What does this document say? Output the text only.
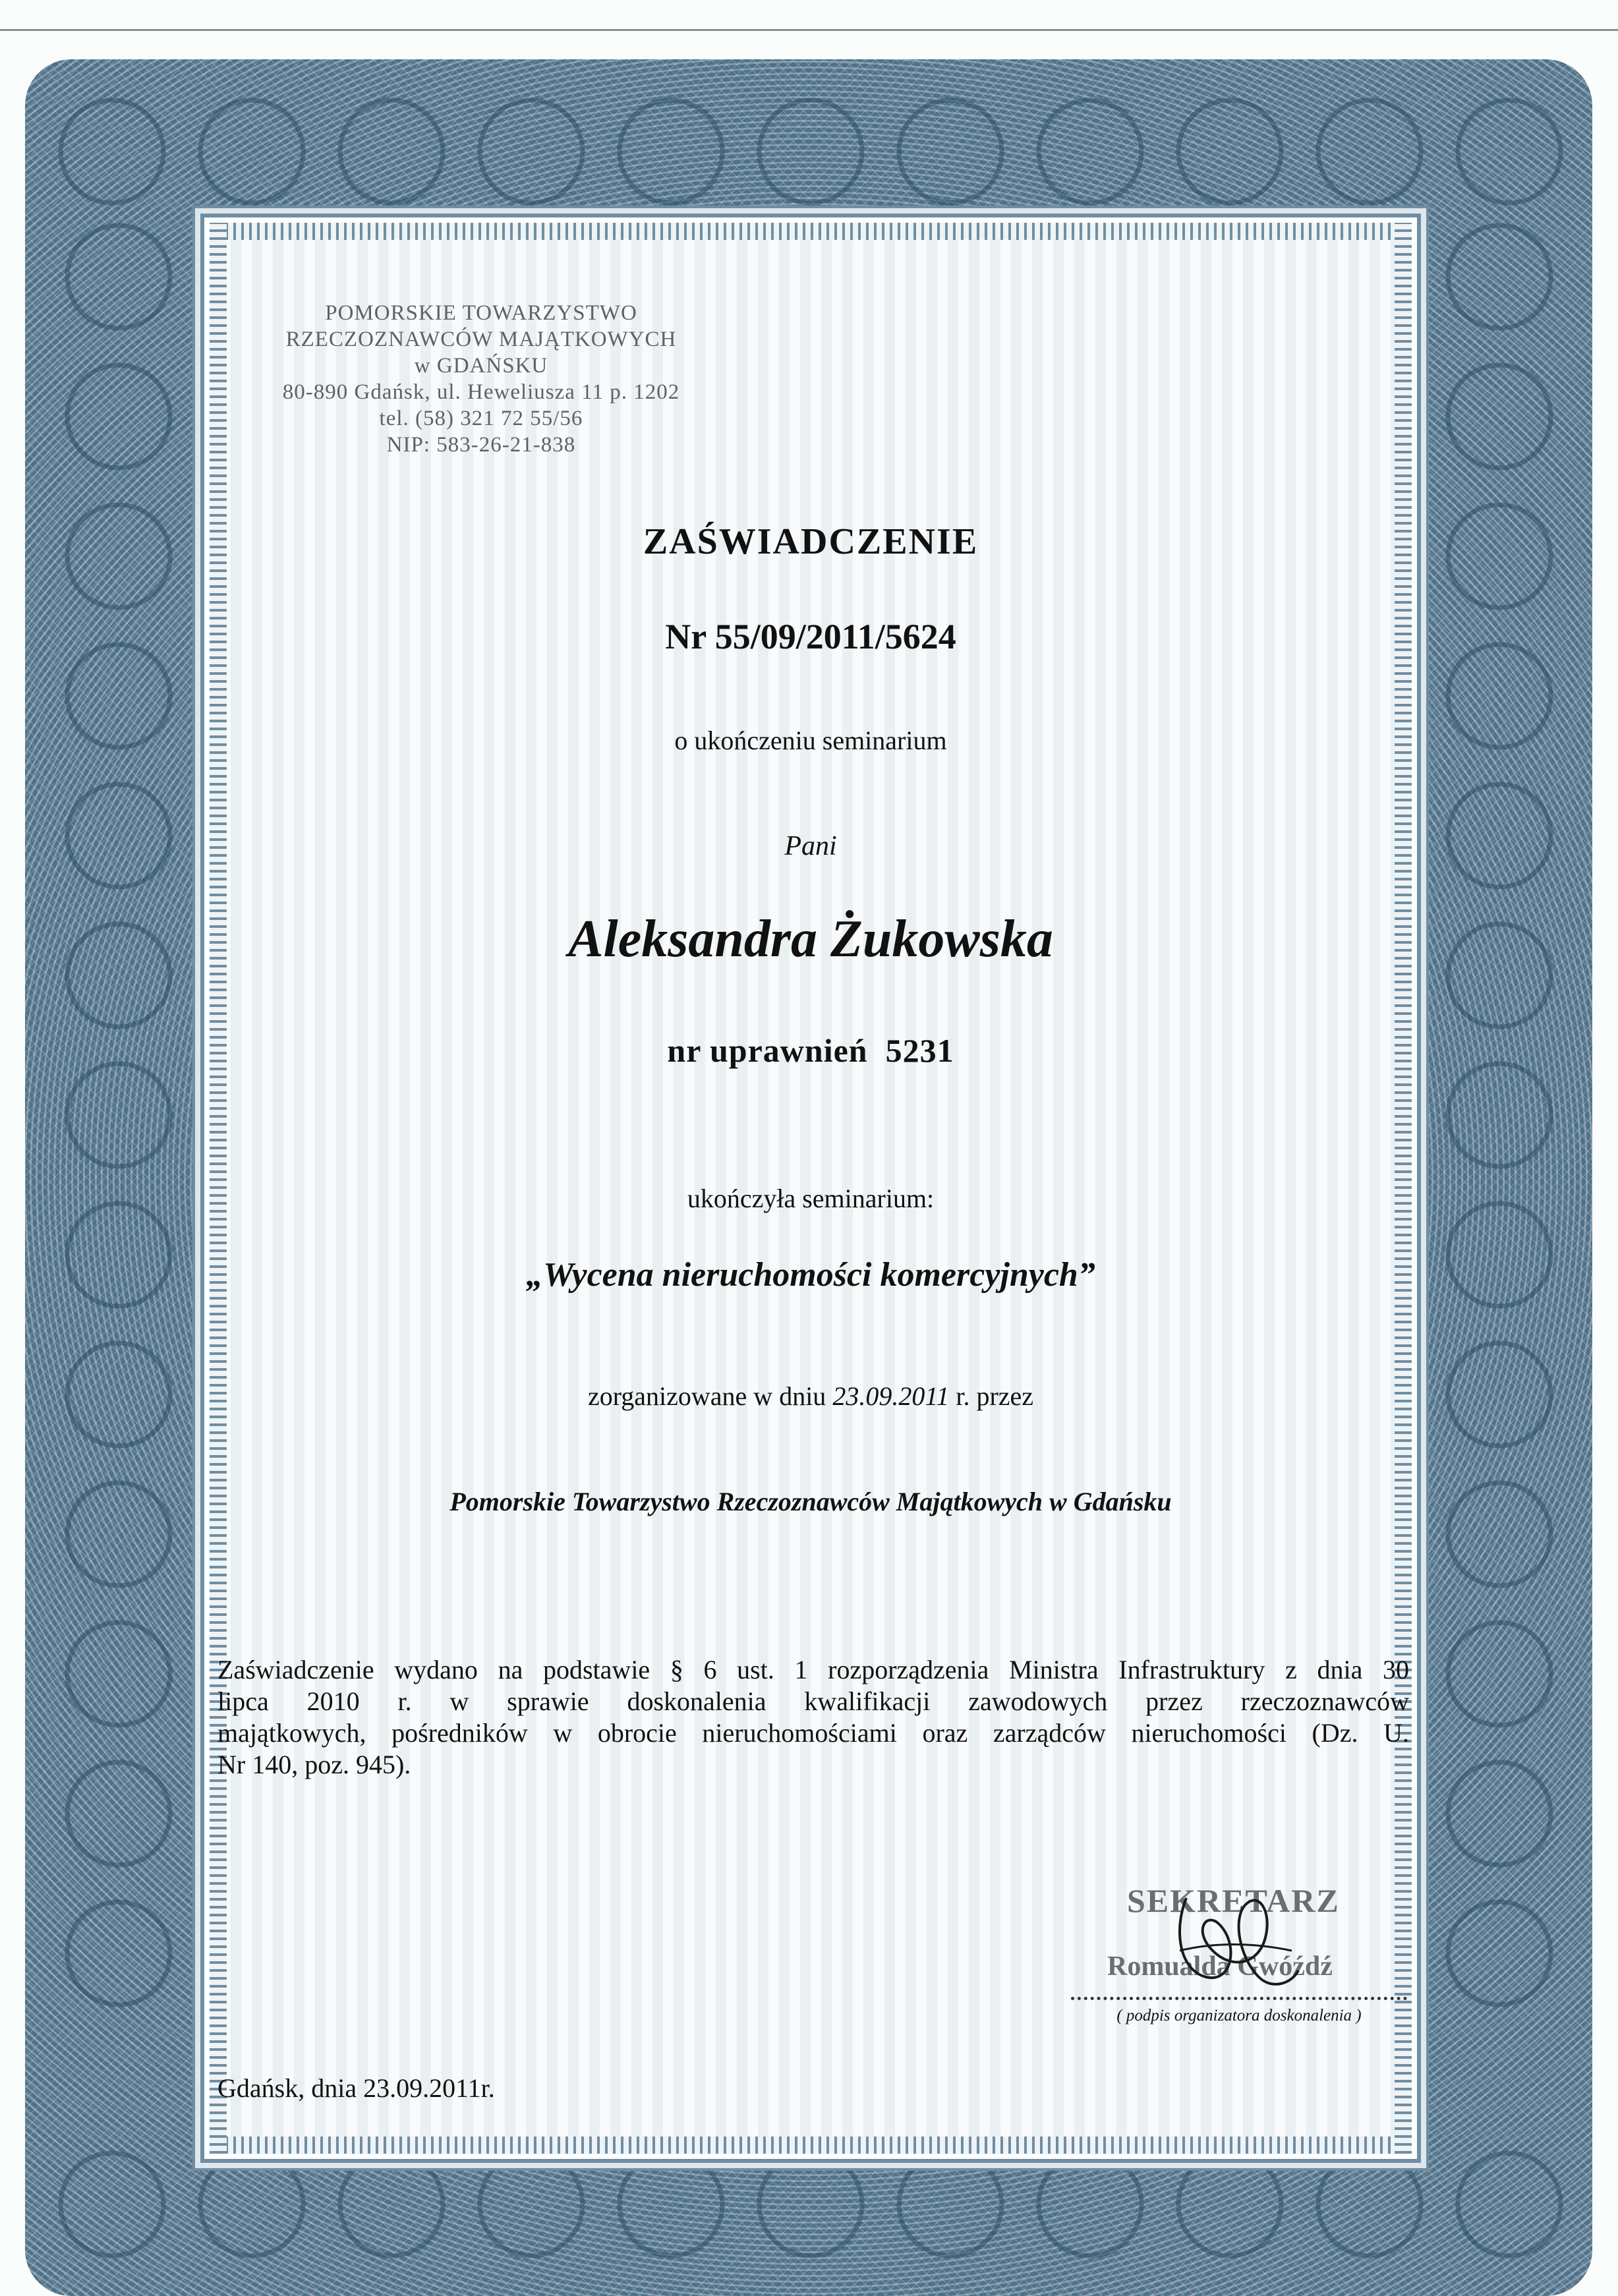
POMORSKIE TOWARZYSTWO
RZECZOZNAWCÓW MAJĄTKOWYCH
w GDAŃSKU
80-890 Gdańsk, ul. Heweliusza 11 p. 1202
tel. (58) 321 72 55/56
NIP: 583-26-21-838
ZAŚWIADCZENIE
Nr 55/09/2011/5624
o ukończeniu seminarium
Pani
Aleksandra Żukowska
nr uprawnień 5231
ukończyła seminarium:
„Wycena nieruchomości komercyjnych”
zorganizowane w dniu 23.09.2011 r. przez
Pomorskie Towarzystwo Rzeczoznawców Majątkowych w Gdańsku
Zaświadczenie wydano na podstawie § 6 ust. 1 rozporządzenia Ministra Infrastruktury z dnia 30
lipca 2010 r. w sprawie doskonalenia kwalifikacji zawodowych przez rzeczoznawców
majątkowych, pośredników w obrocie nieruchomościami oraz zarządców nieruchomości (Dz. U.
Nr 140, poz. 945).
SEKRETARZ
Romualda Gwóźdź
( podpis organizatora doskonalenia )
Gdańsk, dnia 23.09.2011r.
